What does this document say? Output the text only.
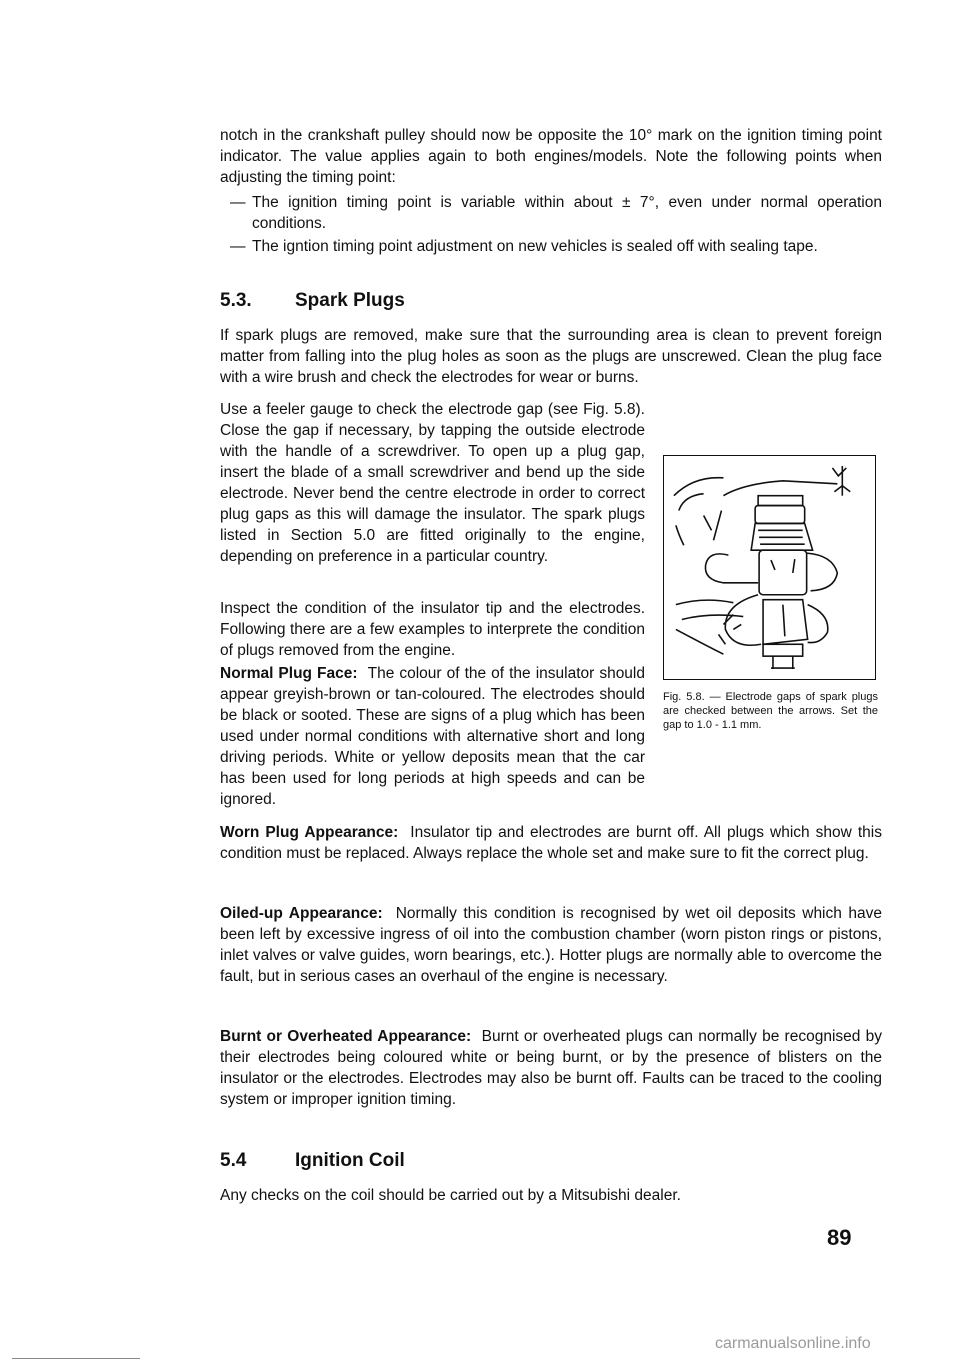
notch in the crankshaft pulley should now be opposite the 10° mark on the ignition timing point indicator. The value applies again to both engines/models. Note the following points when adjusting the timing point:

— The ignition timing point is variable within about ± 7°, even under normal operation conditions.
— The igntion timing point adjustment on new vehicles is sealed off with sealing tape.
5.3. Spark Plugs

If spark plugs are removed, make sure that the surrounding area is clean to prevent foreign matter from falling into the plug holes as soon as the plugs are unscrewed. Clean the plug face with a wire brush and check the electrodes for wear or burns.

Use a feeler gauge to check the electrode gap (see Fig. 5.8). Close the gap if necessary, by tapping the outside electrode with the handle of a screwdriver. To open up a plug gap, insert the blade of a small screwdriver and bend up the side electrode. Never bend the centre electrode in order to correct plug gaps as this will damage the insulator. The spark plugs listed in Section 5.0 are fitted originally to the engine, depending on preference in a particular country.

Inspect the condition of the insulator tip and the electrodes. Following there are a few examples to interprete the condition of plugs removed from the engine.

Normal Plug Face: The colour of the of the insulator should appear greyish-brown or tan-coloured. The electrodes should be black or sooted. These are signs of a plug which has been used under normal conditions with alternative short and long driving periods. White or yellow deposits mean that the car has been used for long periods at high speeds and can be ignored.

Fig. 5.8. — Electrode gaps of spark plugs are checked between the arrows. Set the gap to 1.0 - 1.1 mm.

Worn Plug Appearance: Insulator tip and electrodes are burnt off. All plugs which show this condition must be replaced. Always replace the whole set and make sure to fit the correct plug.

Oiled-up Appearance: Normally this condition is recognised by wet oil deposits which have been left by excessive ingress of oil into the combustion chamber (worn piston rings or pistons, inlet valves or valve guides, worn bearings, etc.). Hotter plugs are normally able to overcome the fault, but in serious cases an overhaul of the engine is necessary.

Burnt or Overheated Appearance: Burnt or overheated plugs can normally be recognised by their electrodes being coloured white or being burnt, or by the presence of blisters on the insulator or the electrodes. Electrodes may also be burnt off. Faults can be traced to the cooling system or improper ignition timing.

5.4	Ignition Coil

Any checks on the coil should be carried out by a Mitsubishi dealer.

89
carmanualsonline.info
